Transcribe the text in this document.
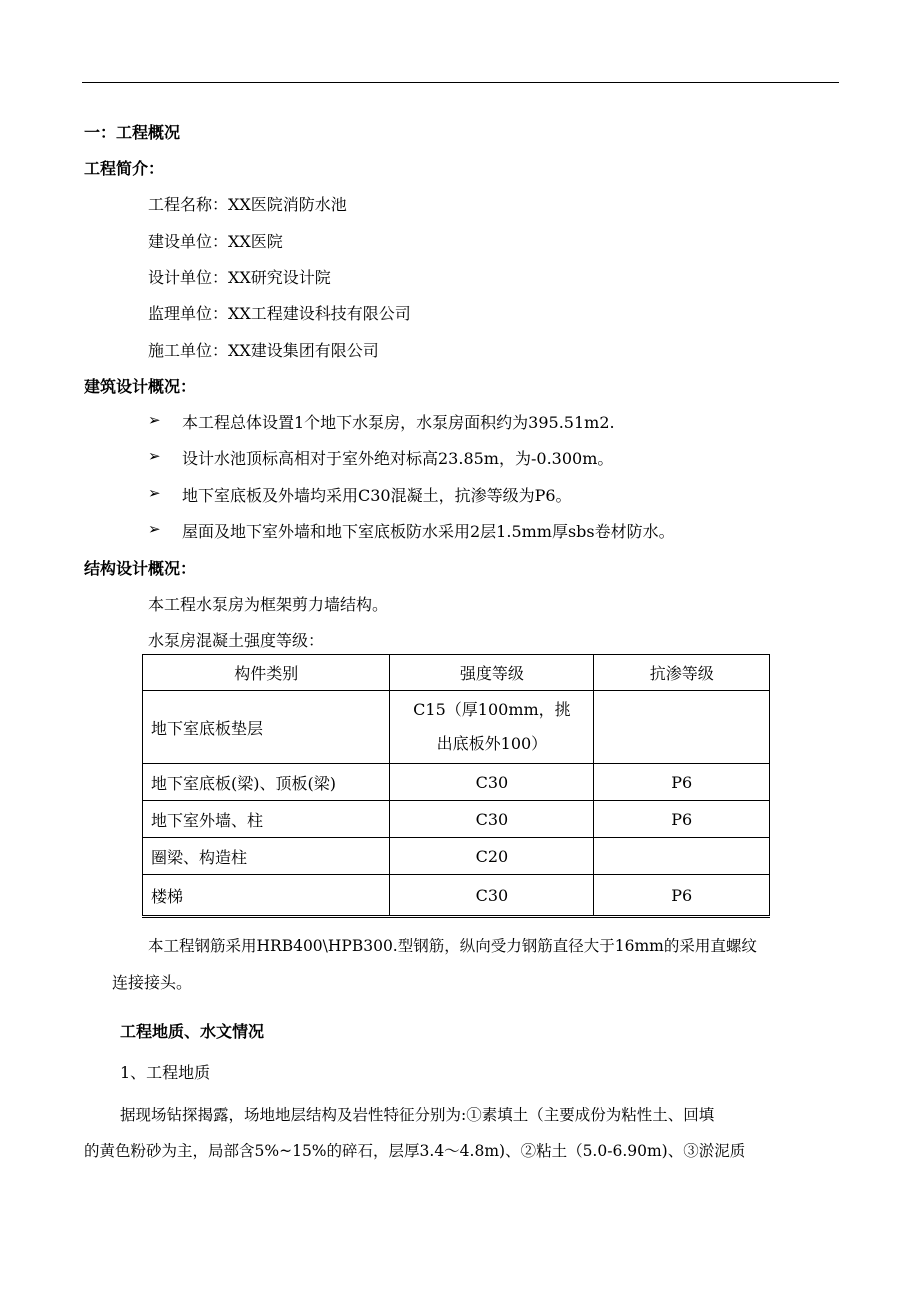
一：工程概况
工程简介：
工程名称：XX医院消防水池
建设单位：XX医院
设计单位：XX研究设计院
监理单位：XX工程建设科技有限公司
施工单位：XX建设集团有限公司
建筑设计概况：
➢ 本工程总体设置1个地下水泵房，水泵房面积约为395.51m2.
➢ 设计水池顶标高相对于室外绝对标高23.85m，为-0.300m。
➢ 地下室底板及外墙均采用C30混凝土，抗渗等级为P6。
➢ 屋面及地下室外墙和地下室底板防水采用2层1.5mm厚sbs卷材防水。
结构设计概况：
本工程水泵房为框架剪力墙结构。
水泵房混凝土强度等级：
构件类别	强度等级	抗渗等级
地下室底板垫层	C15（厚100mm，挑出底板外100）	
地下室底板(梁)、顶板(梁)	C30	P6
地下室外墙、柱	C30	P6
圈梁、构造柱	C20	
楼梯	C30	P6
本工程钢筋采用HRB400\HPB300.型钢筋，纵向受力钢筋直径大于16mm的采用直螺纹
连接接头。
工程地质、水文情况
1、工程地质
据现场钻探揭露，场地地层结构及岩性特征分别为:①素填土（主要成份为粘性土、回填
的黄色粉砂为主，局部含5%~15%的碎石，层厚3.4～4.8m)、②粘土（5.0-6.90m)、③淤泥质
